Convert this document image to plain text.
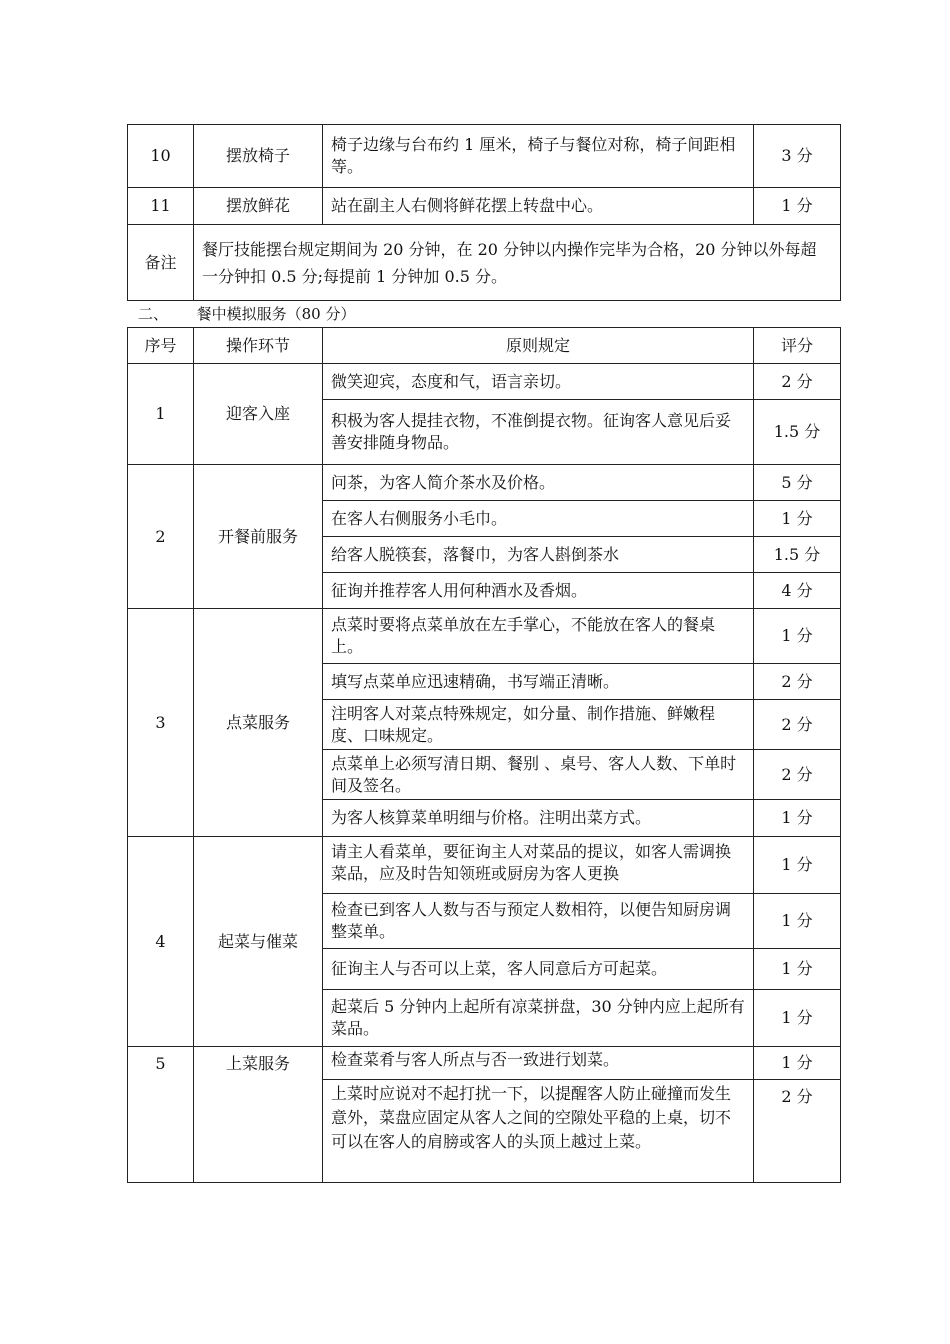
10	摆放椅子	椅子边缘与台布约 1 厘米，椅子与餐位对称，椅子间距相等。	3 分
11	摆放鲜花	站在副主人右侧将鲜花摆上转盘中心。	1 分
备注	餐厅技能摆台规定期间为 20 分钟，在 20 分钟以内操作完毕为合格，20 分钟以外每超一分钟扣 0.5 分;每提前 1 分钟加 0.5 分。		
二、 餐中模拟服务（80 分）
序号	操作环节	原则规定	评分
1	迎客入座	微笑迎宾，态度和气，语言亲切。	2 分
		积极为客人提挂衣物，不准倒提衣物。征询客人意见后妥善安排随身物品。	1.5 分
2	开餐前服务	问茶，为客人简介茶水及价格。	5 分
		在客人右侧服务小毛巾。	1 分
		给客人脱筷套，落餐巾，为客人斟倒茶水	1.5 分
		征询并推荐客人用何种酒水及香烟。	4 分
3	点菜服务	点菜时要将点菜单放在左手掌心，不能放在客人的餐桌上。	1 分
		填写点菜单应迅速精确，书写端正清晰。	2 分
		注明客人对菜点特殊规定，如分量、制作措施、鲜嫩程度、口味规定。	2 分
		点菜单上必须写清日期、餐别 、桌号、客人人数、下单时间及签名。	2 分
		为客人核算菜单明细与价格。注明出菜方式。	1 分
4	起菜与催菜	请主人看菜单，要征询主人对菜品的提议，如客人需调换菜品，应及时告知领班或厨房为客人更换	1 分
		检查已到客人人数与否与预定人数相符，以便告知厨房调整菜单。	1 分
		征询主人与否可以上菜，客人同意后方可起菜。	1 分
		起菜后 5 分钟内上起所有凉菜拼盘，30 分钟内应上起所有菜品。	1 分
5	上菜服务	检查菜肴与客人所点与否一致进行划菜。	1 分
		上菜时应说对不起打扰一下，以提醒客人防止碰撞而发生意外，菜盘应固定从客人之间的空隙处平稳的上桌，切不可以在客人的肩膀或客人的头顶上越过上菜。	2 分
